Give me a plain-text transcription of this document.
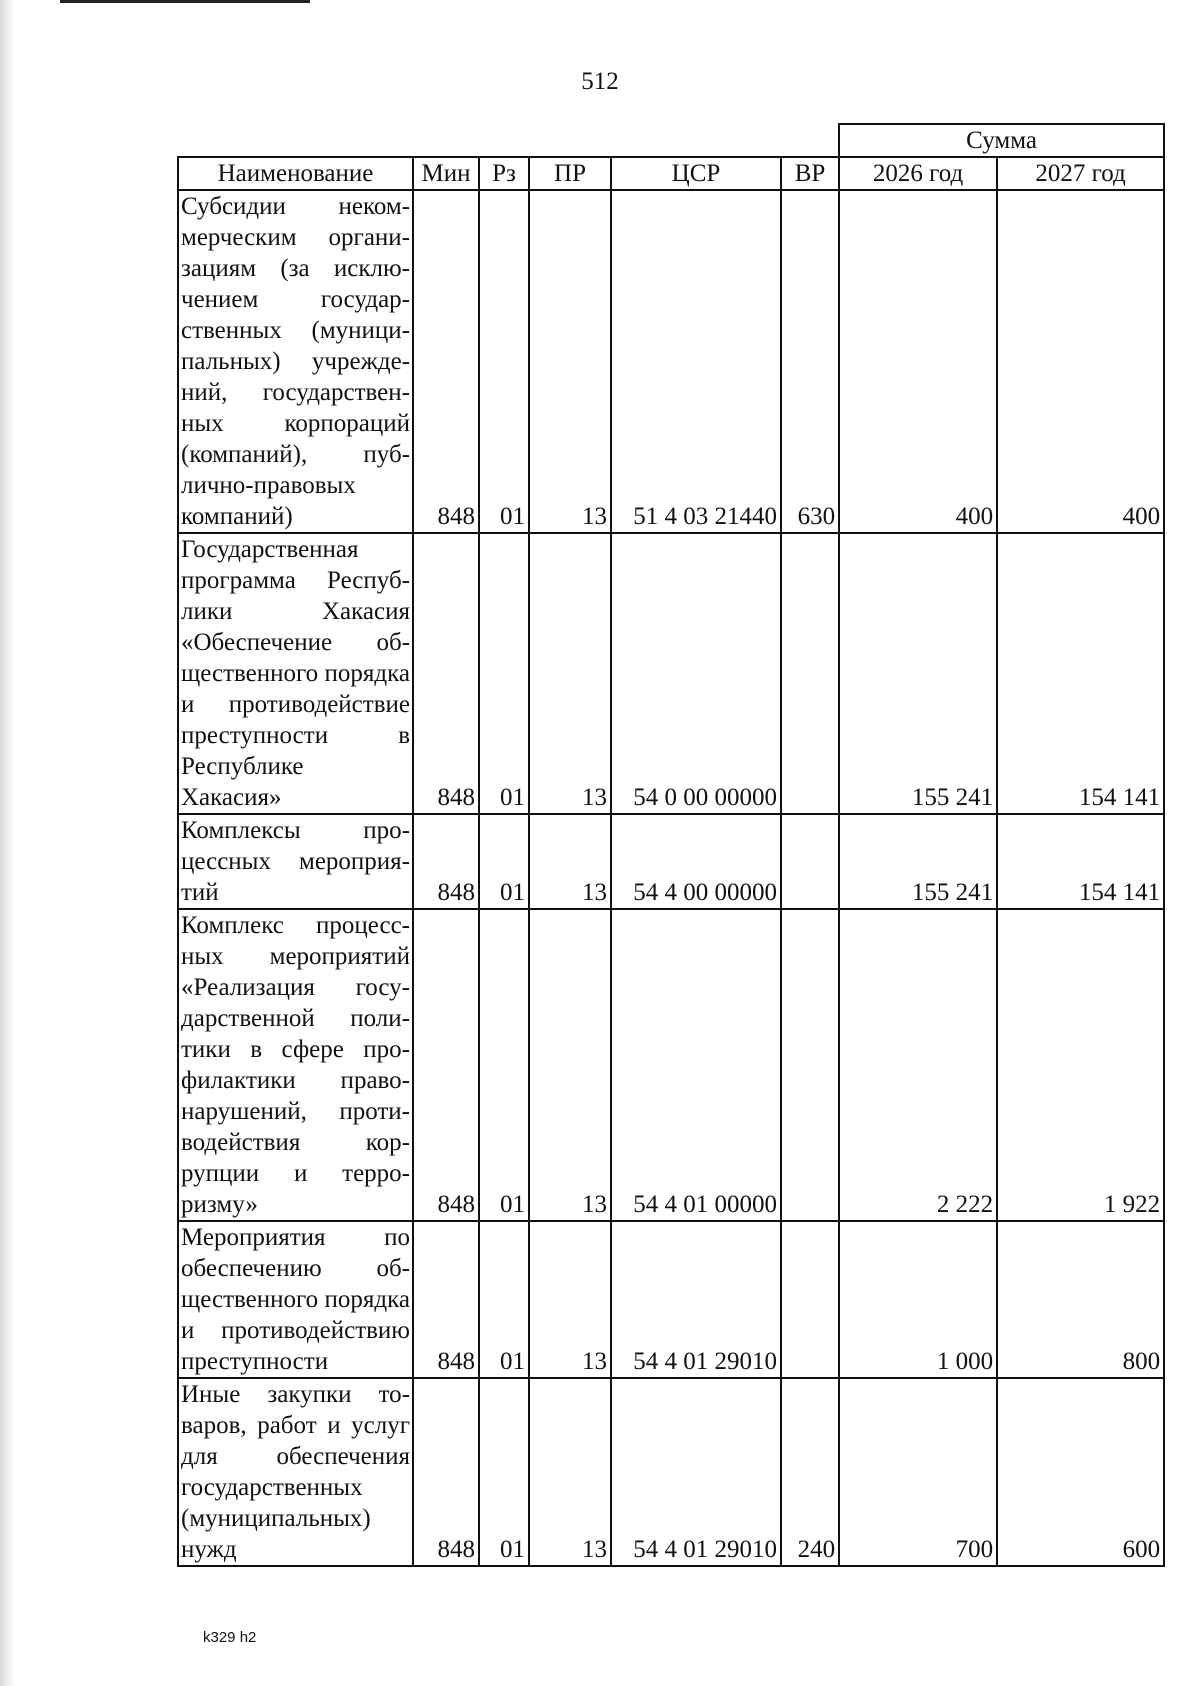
512
						Сумма	
Наименование	Мин	Рз	ПР	ЦСР	ВР	2026 год	2027 год
Субсидии некоммерческим организациям (за исключением государственных (муниципальных) учреждений, государственных корпораций (компаний), публично-правовых компаний)	848	01	13	51 4 03 21440	630	400	400
Государственная программа Республики Хакасия «Обеспечение общественного порядка и противодействие преступности в Республике Хакасия»	848	01	13	54 0 00 00000		155 241	154 141
Комплексы процессных мероприятий	848	01	13	54 4 00 00000		155 241	154 141
Комплекс процессных мероприятий «Реализация государственной политики в сфере профилактики правонарушений, противодействия коррупции и терроризму»	848	01	13	54 4 01 00000		2 222	1 922
Мероприятия по обеспечению общественного порядка и противодействию преступности	848	01	13	54 4 01 29010		1 000	800
Иные закупки товаров, работ и услуг для обеспечения государственных (муниципальных) нужд	848	01	13	54 4 01 29010	240	700	600
k329 h2
